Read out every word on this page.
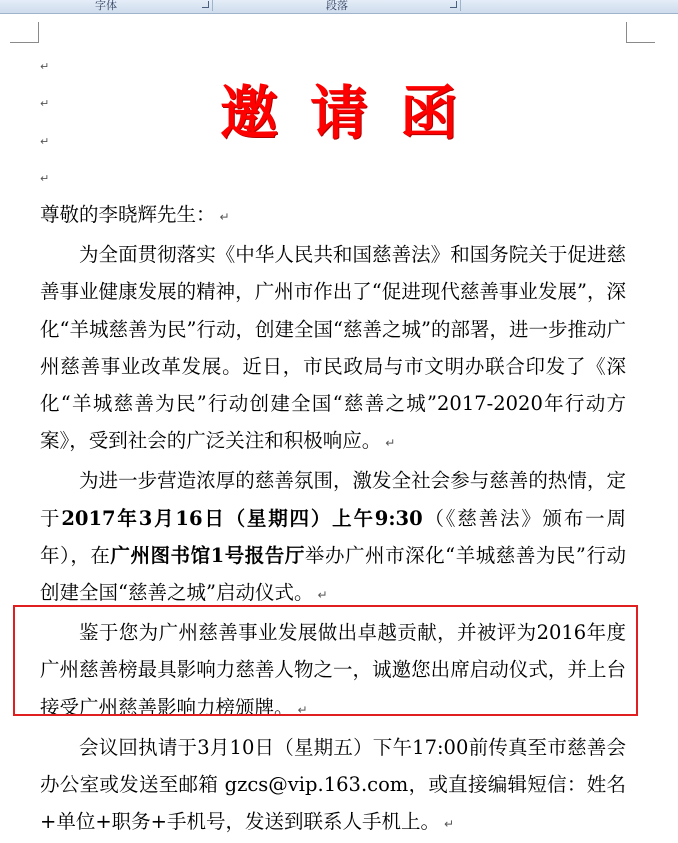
字体	段落
↵
↵
↵
↵
邀请函

尊敬的李晓辉先生： ↵

为全面贯彻落实《中华人民共和国慈善法》和国务院关于促进慈善事业健康发展的精神，广州市作出了“促进现代慈善事业发展”，深化“羊城慈善为民”行动，创建全国“慈善之城”的部署，进一步推动广州慈善事业改革发展。近日，市民政局与市文明办联合印发了《深化“羊城慈善为民”行动创建全国“慈善之城”2017-2020年行动方案》，受到社会的广泛关注和积极响应。 ↵

为进一步营造浓厚的慈善氛围，激发全社会参与慈善的热情，定于2017年3月16日（星期四）上午9:30（《慈善法》颁布一周年），在广州图书馆1号报告厅举办广州市深化“羊城慈善为民”行动创建全国“慈善之城”启动仪式。 ↵

鉴于您为广州慈善事业发展做出卓越贡献，并被评为2016年度广州慈善榜最具影响力慈善人物之一，诚邀您出席启动仪式，并上台接受广州慈善影响力榜颁牌。 ↵

会议回执请于3月10日（星期五）下午17:00前传真至市慈善会办公室或发送至邮箱 gzcs@vip.163.com，或直接编辑短信：姓名+单位+职务+手机号，发送到联系人手机上。 ↵
